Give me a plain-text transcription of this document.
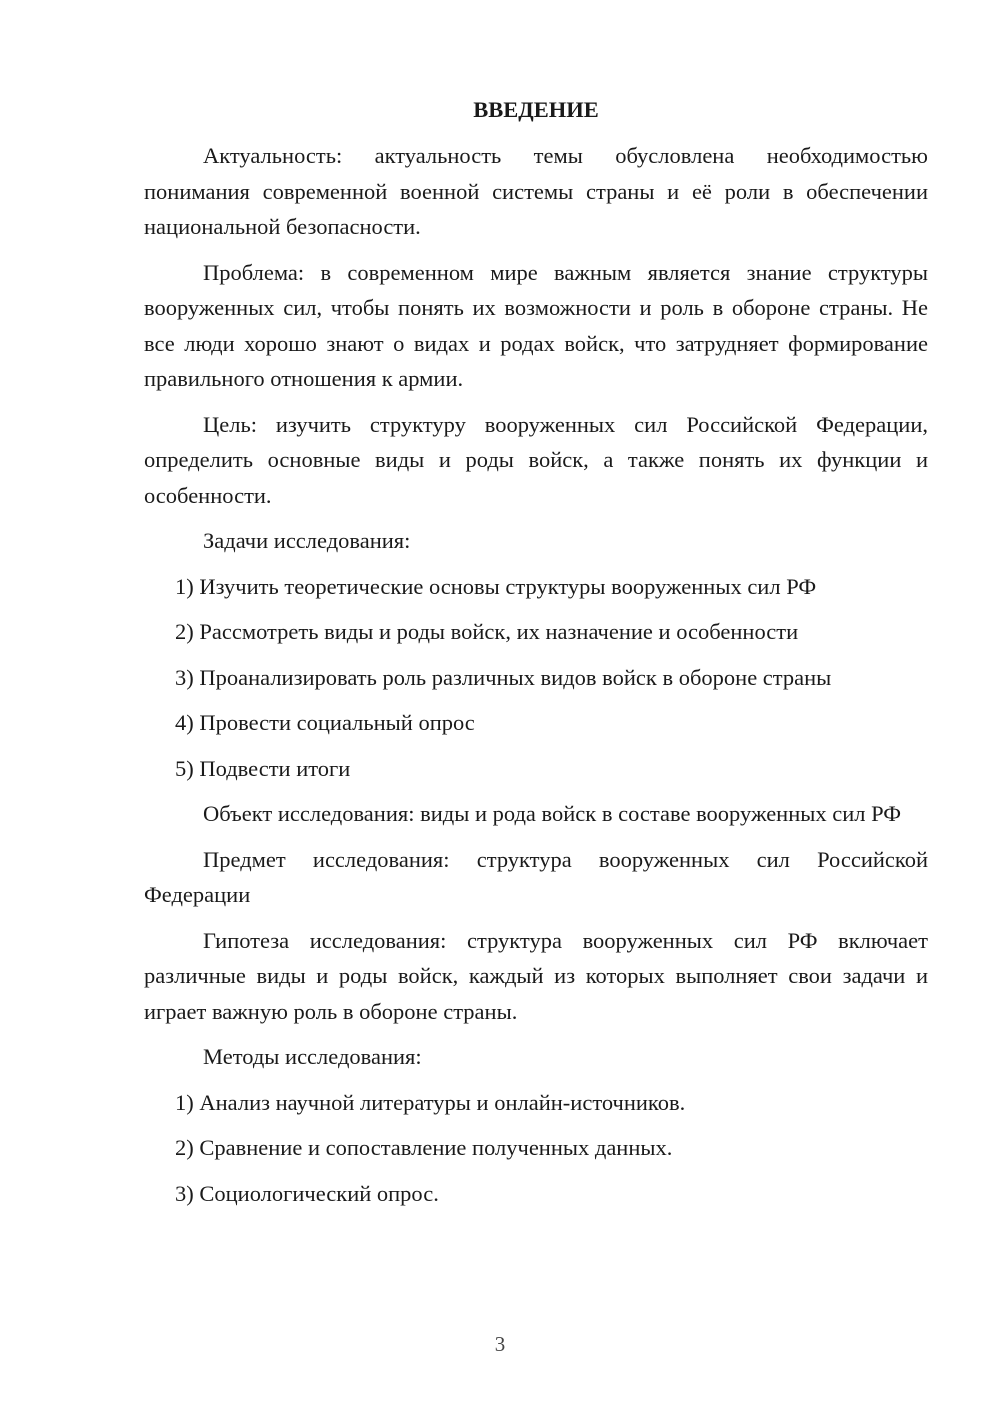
ВВЕДЕНИЕ

Актуальность: актуальность темы обусловлена необходимостью понимания современной военной системы страны и её роли в обеспечении национальной безопасности.

Проблема: в современном мире важным является знание структуры вооруженных сил, чтобы понять их возможности и роль в обороне страны. Не все люди хорошо знают о видах и родах войск, что затрудняет формирование правильного отношения к армии.

Цель: изучить структуру вооруженных сил Российской Федерации, определить основные виды и роды войск, а также понять их функции и особенности.

Задачи исследования:

1) Изучить теоретические основы структуры вооруженных сил РФ
2) Рассмотреть виды и роды войск, их назначение и особенности
3) Проанализировать роль различных видов войск в обороне страны
4) Провести социальный опрос
5) Подвести итоги

Объект исследования: виды и рода войск в составе вооруженных сил РФ

Предмет исследования: структура вооруженных сил Российской Федерации

Гипотеза исследования: структура вооруженных сил РФ включает различные виды и роды войск, каждый из которых выполняет свои задачи и играет важную роль в обороне страны.

Методы исследования:

1) Анализ научной литературы и онлайн-источников.
2) Сравнение и сопоставление полученных данных.
3) Социологический опрос.
3
